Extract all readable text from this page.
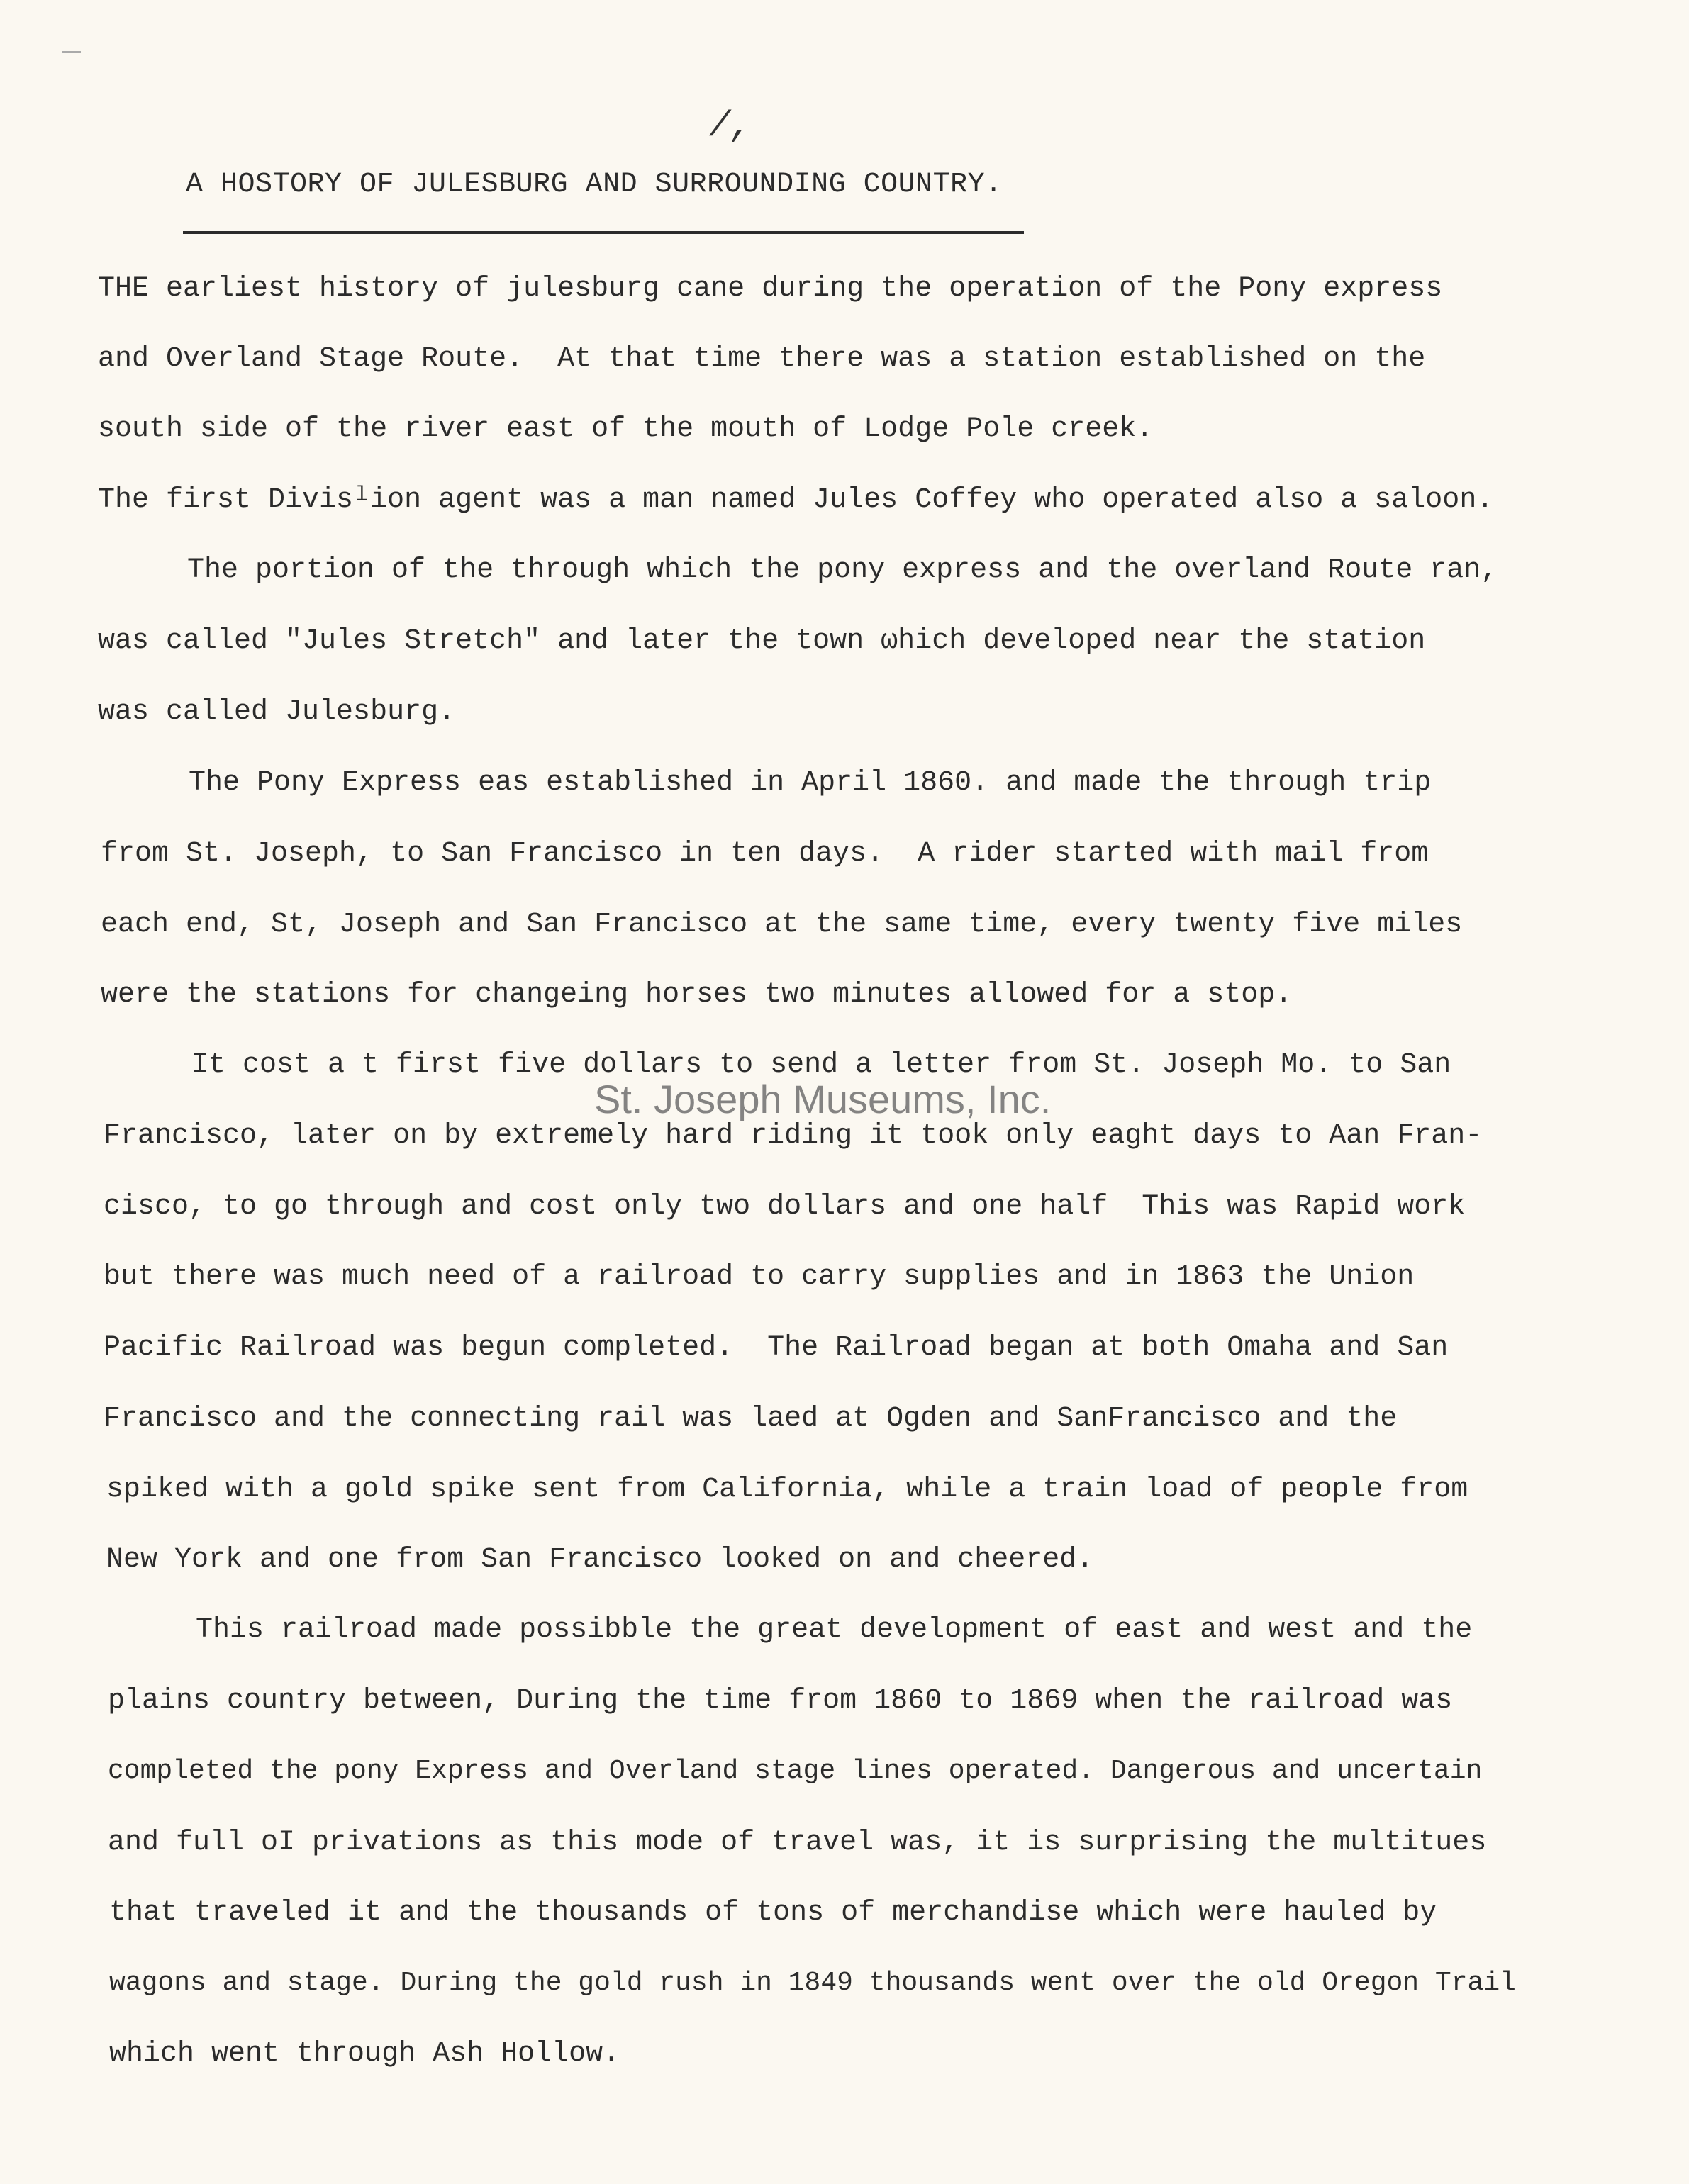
/,
A HOSTORY OF JULESBURG AND SURROUNDING COUNTRY.
THE earliest history of julesburg cane during the operation of the Pony express
and Overland Stage Route.  At that time there was a station established on the
south side of the river east of the mouth of Lodge Pole creek.
The first Divisˡion agent was a man named Jules Coffey who operated also a saloon.
The portion of the through which the pony express and the overland Route ran,
was called "Jules Stretch" and later the town ωhich developed near the station
was called Julesburg.
The Pony Express eas established in April 1860. and made the through trip
from St. Joseph, to San Francisco in ten days.  A rider started with mail from
each end, St, Joseph and San Francisco at the same time, every twenty five miles
were the stations for changeing horses two minutes allowed for a stop.
It cost a t first five dollars to send a letter from St. Joseph Mo. to San
Francisco, later on by extremely hard riding it took only eaght days to Aan Fran-
cisco, to go through and cost only two dollars and one half  This was Rapid work
but there was much need of a railroad to carry supplies and in 1863 the Union
Pacific Railroad was begun completed.  The Railroad began at both Omaha and San
Francisco and the connecting rail was laed at Ogden and SanFrancisco and the
spiked with a gold spike sent from California, while a train load of people from
New York and one from San Francisco looked on and cheered.
This railroad made possibble the great development of east and west and the
plains country between, During the time from 1860 to 1869 when the railroad was
completed the pony Express and Overland stage lines operated. Dangerous and uncertain
and full oI privations as this mode of travel was, it is surprising the multitues
that traveled it and the thousands of tons of merchandise which were hauled by
wagons and stage. During the gold rush in 1849 thousands went over the old Oregon Trail
which went through Ash Hollow.
St. Joseph Museums, Inc.
